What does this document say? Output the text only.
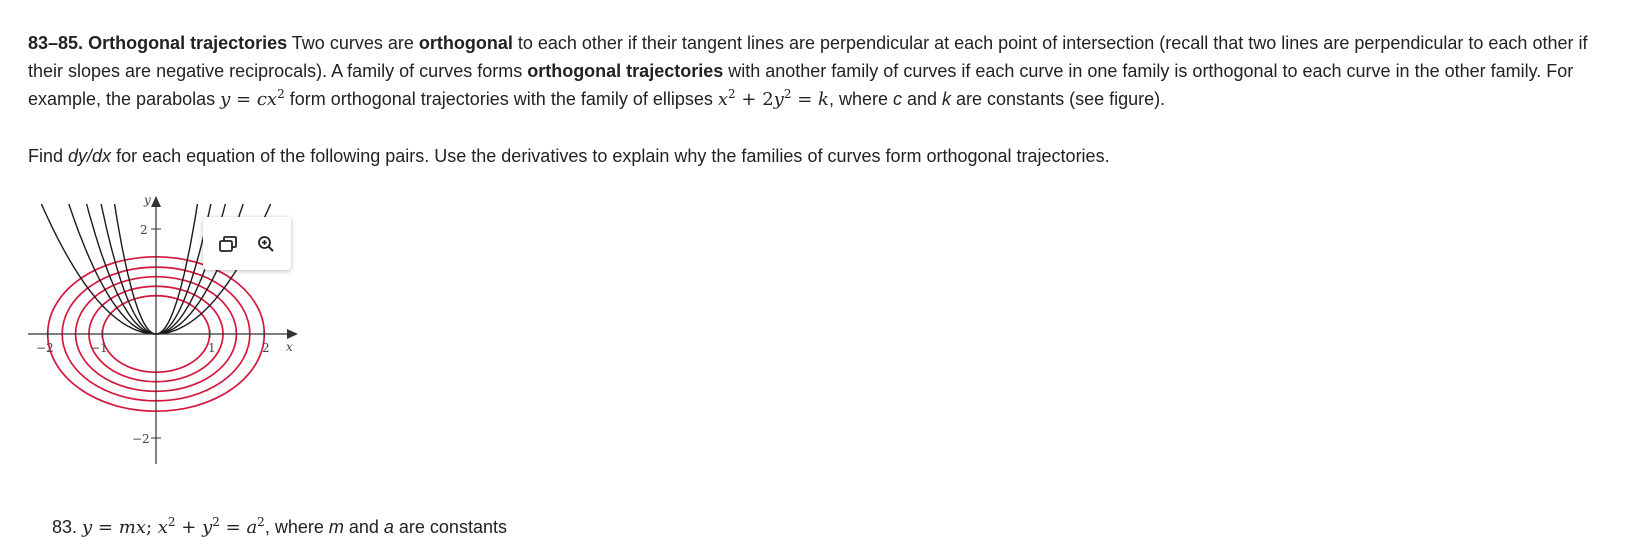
83–85. Orthogonal trajectories Two curves are orthogonal to each other if their tangent lines are perpendicular at each point of intersection (recall that two lines are perpendicular to each other if their slopes are negative reciprocals). A family of curves forms orthogonal trajectories with another family of curves if each curve in one family is orthogonal to each curve in the other family. For example, the parabolas $y = cx^2$ form orthogonal trajectories with the family of ellipses $x^2 + 2y^2 = k$, where c and k are constants (see figure).

Find dy/dx for each equation of the following pairs. Use the derivatives to explain why the families of curves form orthogonal trajectories.

−2	−1	1	2
2
−2
x
y

83. y = mx; $x^2 + y^2 = a^2$, where m and a are constants
